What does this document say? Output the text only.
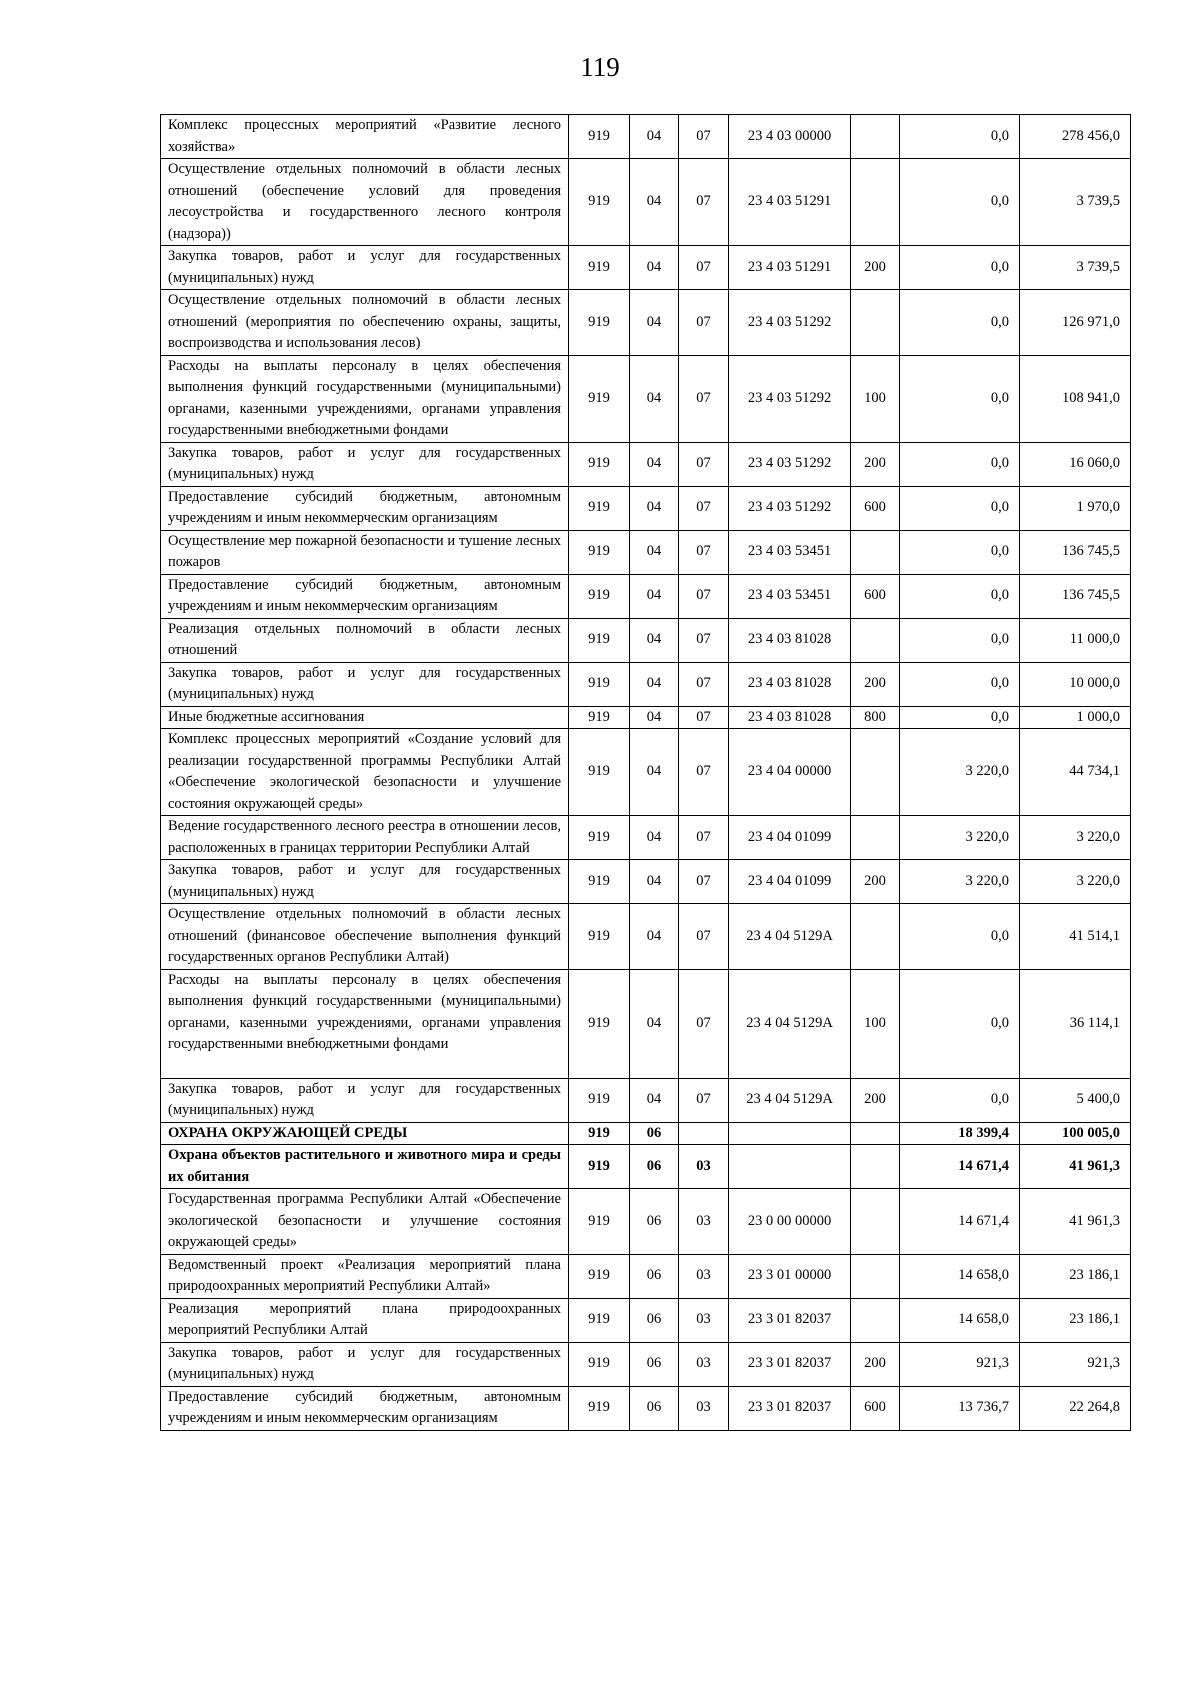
119
Комплекс процессных мероприятий «Развитие лесного хозяйства»	919	04	07	23 4 03 00000		0,0	278 456,0
Осуществление отдельных полномочий в области лесных отношений (обеспечение условий для проведения лесоустройства и государственного лесного контроля (надзора))	919	04	07	23 4 03 51291		0,0	3 739,5
Закупка товаров, работ и услуг для государственных (муниципальных) нужд	919	04	07	23 4 03 51291	200	0,0	3 739,5
Осуществление отдельных полномочий в области лесных отношений (мероприятия по обеспечению охраны, защиты, воспроизводства и использования лесов)	919	04	07	23 4 03 51292		0,0	126 971,0
Расходы на выплаты персоналу в целях обеспечения выполнения функций государственными (муниципальными) органами, казенными учреждениями, органами управления государственными внебюджетными фондами	919	04	07	23 4 03 51292	100	0,0	108 941,0
Закупка товаров, работ и услуг для государственных (муниципальных) нужд	919	04	07	23 4 03 51292	200	0,0	16 060,0
Предоставление субсидий бюджетным, автономным учреждениям и иным некоммерческим организациям	919	04	07	23 4 03 51292	600	0,0	1 970,0
Осуществление мер пожарной безопасности и тушение лесных пожаров	919	04	07	23 4 03 53451		0,0	136 745,5
Предоставление субсидий бюджетным, автономным учреждениям и иным некоммерческим организациям	919	04	07	23 4 03 53451	600	0,0	136 745,5
Реализация отдельных полномочий в области лесных отношений	919	04	07	23 4 03 81028		0,0	11 000,0
Закупка товаров, работ и услуг для государственных (муниципальных) нужд	919	04	07	23 4 03 81028	200	0,0	10 000,0
Иные бюджетные ассигнования	919	04	07	23 4 03 81028	800	0,0	1 000,0
Комплекс процессных мероприятий «Создание условий для реализации государственной программы Республики Алтай «Обеспечение экологической безопасности и улучшение состояния окружающей среды»	919	04	07	23 4 04 00000		3 220,0	44 734,1
Ведение государственного лесного реестра в отношении лесов, расположенных в границах территории Республики Алтай	919	04	07	23 4 04 01099		3 220,0	3 220,0
Закупка товаров, работ и услуг для государственных (муниципальных) нужд	919	04	07	23 4 04 01099	200	3 220,0	3 220,0
Осуществление отдельных полномочий в области лесных отношений (финансовое обеспечение выполнения функций государственных органов Республики Алтай)	919	04	07	23 4 04 5129А		0,0	41 514,1
Расходы на выплаты персоналу в целях обеспечения выполнения функций государственными (муниципальными) органами, казенными учреждениями, органами управления государственными внебюджетными фондами	919	04	07	23 4 04 5129А	100	0,0	36 114,1
Закупка товаров, работ и услуг для государственных (муниципальных) нужд	919	04	07	23 4 04 5129А	200	0,0	5 400,0
ОХРАНА ОКРУЖАЮЩЕЙ СРЕДЫ	919	06				18 399,4	100 005,0
Охрана объектов растительного и животного мира и среды их обитания	919	06	03			14 671,4	41 961,3
Государственная программа Республики Алтай «Обеспечение экологической безопасности и улучшение состояния окружающей среды»	919	06	03	23 0 00 00000		14 671,4	41 961,3
Ведомственный проект «Реализация мероприятий плана природоохранных мероприятий Республики Алтай»	919	06	03	23 3 01 00000		14 658,0	23 186,1
Реализация мероприятий плана природоохранных мероприятий Республики Алтай	919	06	03	23 3 01 82037		14 658,0	23 186,1
Закупка товаров, работ и услуг для государственных (муниципальных) нужд	919	06	03	23 3 01 82037	200	921,3	921,3
Предоставление субсидий бюджетным, автономным учреждениям и иным некоммерческим организациям	919	06	03	23 3 01 82037	600	13 736,7	22 264,8
